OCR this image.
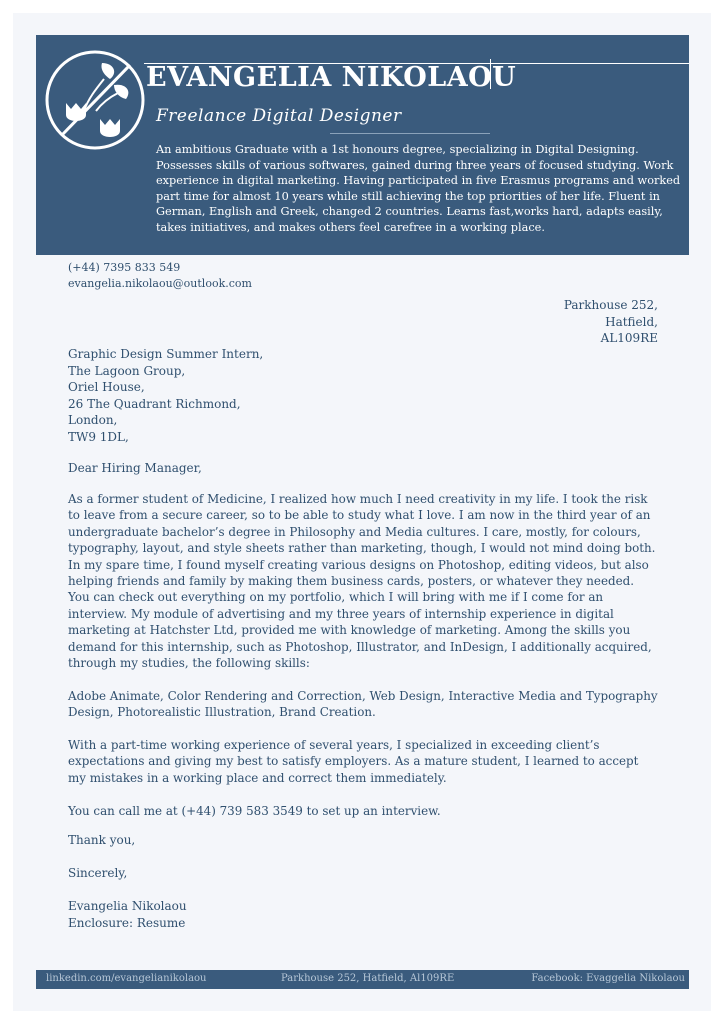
EVANGELIA NIKOLAOU
Freelance Digital Designer
An ambitious Graduate with a 1st honours degree, specializing in Digital Designing. Possesses skills of various softwares, gained during three years of focused studying. Work experience in digital marketing. Having participated in five Erasmus programs and worked part time for almost 10 years while still achieving the top priorities of her life. Fluent in German, English and Greek, changed 2 countries. Learns fast,works hard, adapts easily, takes initiatives, and makes others feel carefree in a working place.
(+44) 7395 833 549
evangelia.nikolaou@outlook.com
Parkhouse 252,
Hatfield,
AL109RE
Graphic Design Summer Intern,
The Lagoon Group,
Oriel House,
26 The Quadrant Richmond,
London,
TW9 1DL,
Dear Hiring Manager,

As a former student of Medicine, I realized how much I need creativity in my life. I took the risk to leave from a secure career, so to be able to study what I love. I am now in the third year of an undergraduate bachelor’s degree in Philosophy and Media cultures. I care, mostly, for colours, typography, layout, and style sheets rather than marketing, though, I would not mind doing both. In my spare time, I found myself creating various designs on Photoshop, editing videos, but also helping friends and family by making them business cards, posters, or whatever they needed. You can check out everything on my portfolio, which I will bring with me if I come for an interview. My module of advertising and my three years of internship experience in digital marketing at Hatchster Ltd, provided me with knowledge of marketing. Among the skills you demand for this internship, such as Photoshop, Illustrator, and InDesign, I additionally acquired, through my studies, the following skills:

Adobe Animate, Color Rendering and Correction, Web Design, Interactive Media and Typography Design, Photorealistic Illustration, Brand Creation.

With a part-time working experience of several years, I specialized in exceeding client’s expectations and giving my best to satisfy employers. As a mature student, I learned to accept my mistakes in a working place and correct them immediately.

You can call me at (+44) 739 583 3549 to set up an interview.

Thank you,

Sincerely,

Evangelia Nikolaou
Enclosure: Resume
linkedin.com/evangelianikolaou	Parkhouse 252, Hatfield, Al109RE	Facebook: Evaggelia Nikolaou
